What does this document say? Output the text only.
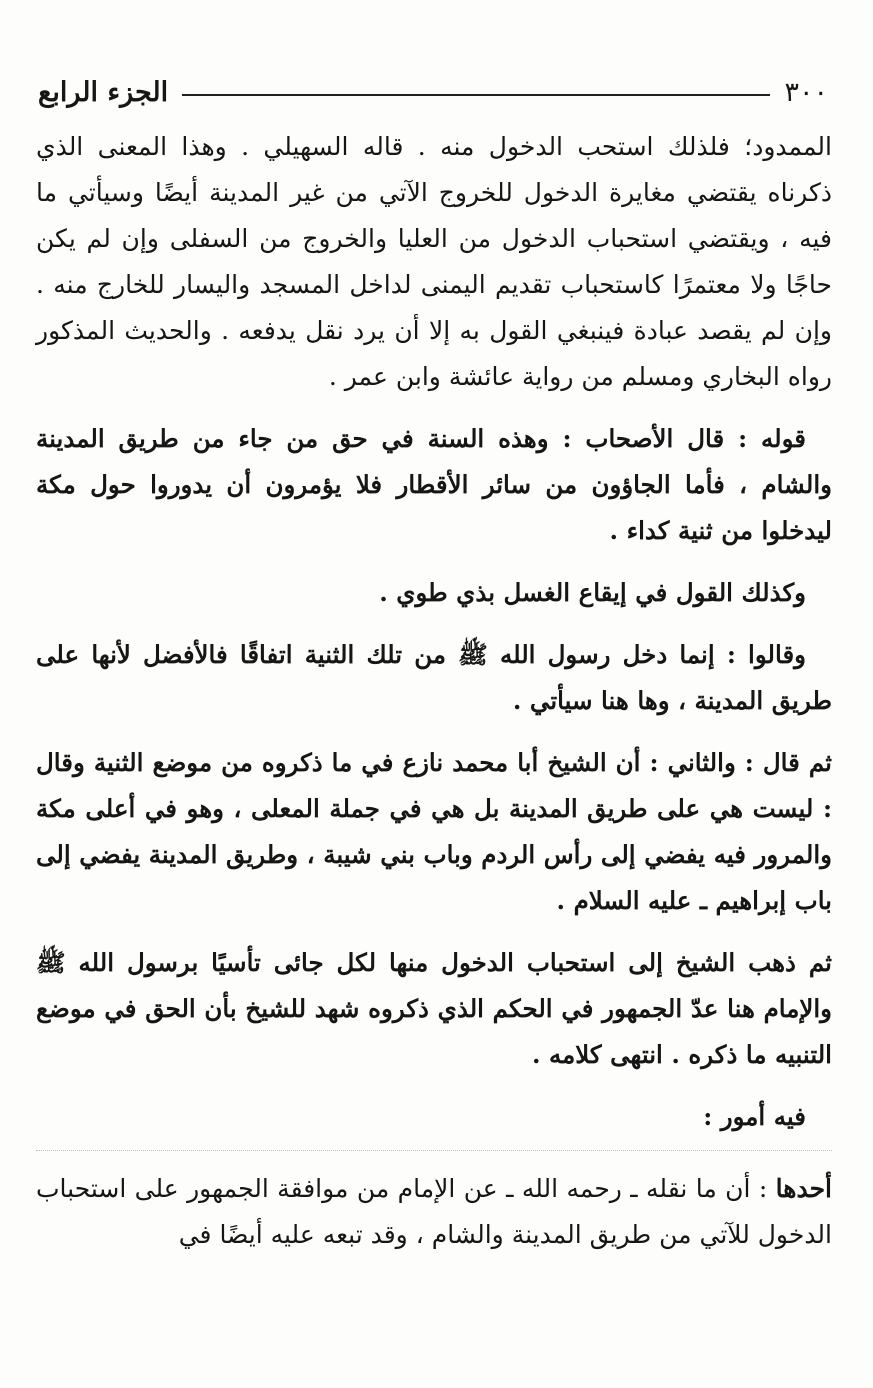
الجزء الرابع	٣٠٠

الممدود؛ فلذلك استحب الدخول منه . قاله السهيلي . وهذا المعنى الذي ذكرناه يقتضي مغايرة الدخول للخروج الآتي من غير المدينة أيضًا وسيأتي ما فيه ، ويقتضي استحباب الدخول من العليا والخروج من السفلى وإن لم يكن حاجًا ولا معتمرًا كاستحباب تقديم اليمنى لداخل المسجد واليسار للخارج منه . وإن لم يقصد عبادة فينبغي القول به إلا أن يرد نقل يدفعه . والحديث المذكور رواه البخاري ومسلم من رواية عائشة وابن عمر .

قوله : قال الأصحاب : وهذه السنة في حق من جاء من طريق المدينة والشام ، فأما الجاؤون من سائر الأقطار فلا يؤمرون أن يدوروا حول مكة ليدخلوا من ثنية كداء .

وكذلك القول في إيقاع الغسل بذي طوي .

وقالوا : إنما دخل رسول الله ﷺ من تلك الثنية اتفاقًا فالأفضل لأنها على طريق المدينة ، وها هنا سيأتي .

ثم قال : والثاني : أن الشيخ أبا محمد نازع في ما ذكروه من موضع الثنية وقال : ليست هي على طريق المدينة بل هي في جملة المعلى ، وهو في أعلى مكة والمرور فيه يفضي إلى رأس الردم وباب بني شيبة ، وطريق المدينة يفضي إلى باب إبراهيم ـ عليه السلام .

ثم ذهب الشيخ إلى استحباب الدخول منها لكل جائى تأسيًا برسول الله ﷺ والإمام هنا عدّ الجمهور في الحكم الذي ذكروه شهد للشيخ بأن الحق في موضع التنبيه ما ذكره . انتهى كلامه .

فيه أمور :

أحدها : أن ما نقله ـ رحمه الله ـ عن الإمام من موافقة الجمهور على استحباب الدخول للآتي من طريق المدينة والشام ، وقد تبعه عليه أيضًا في
